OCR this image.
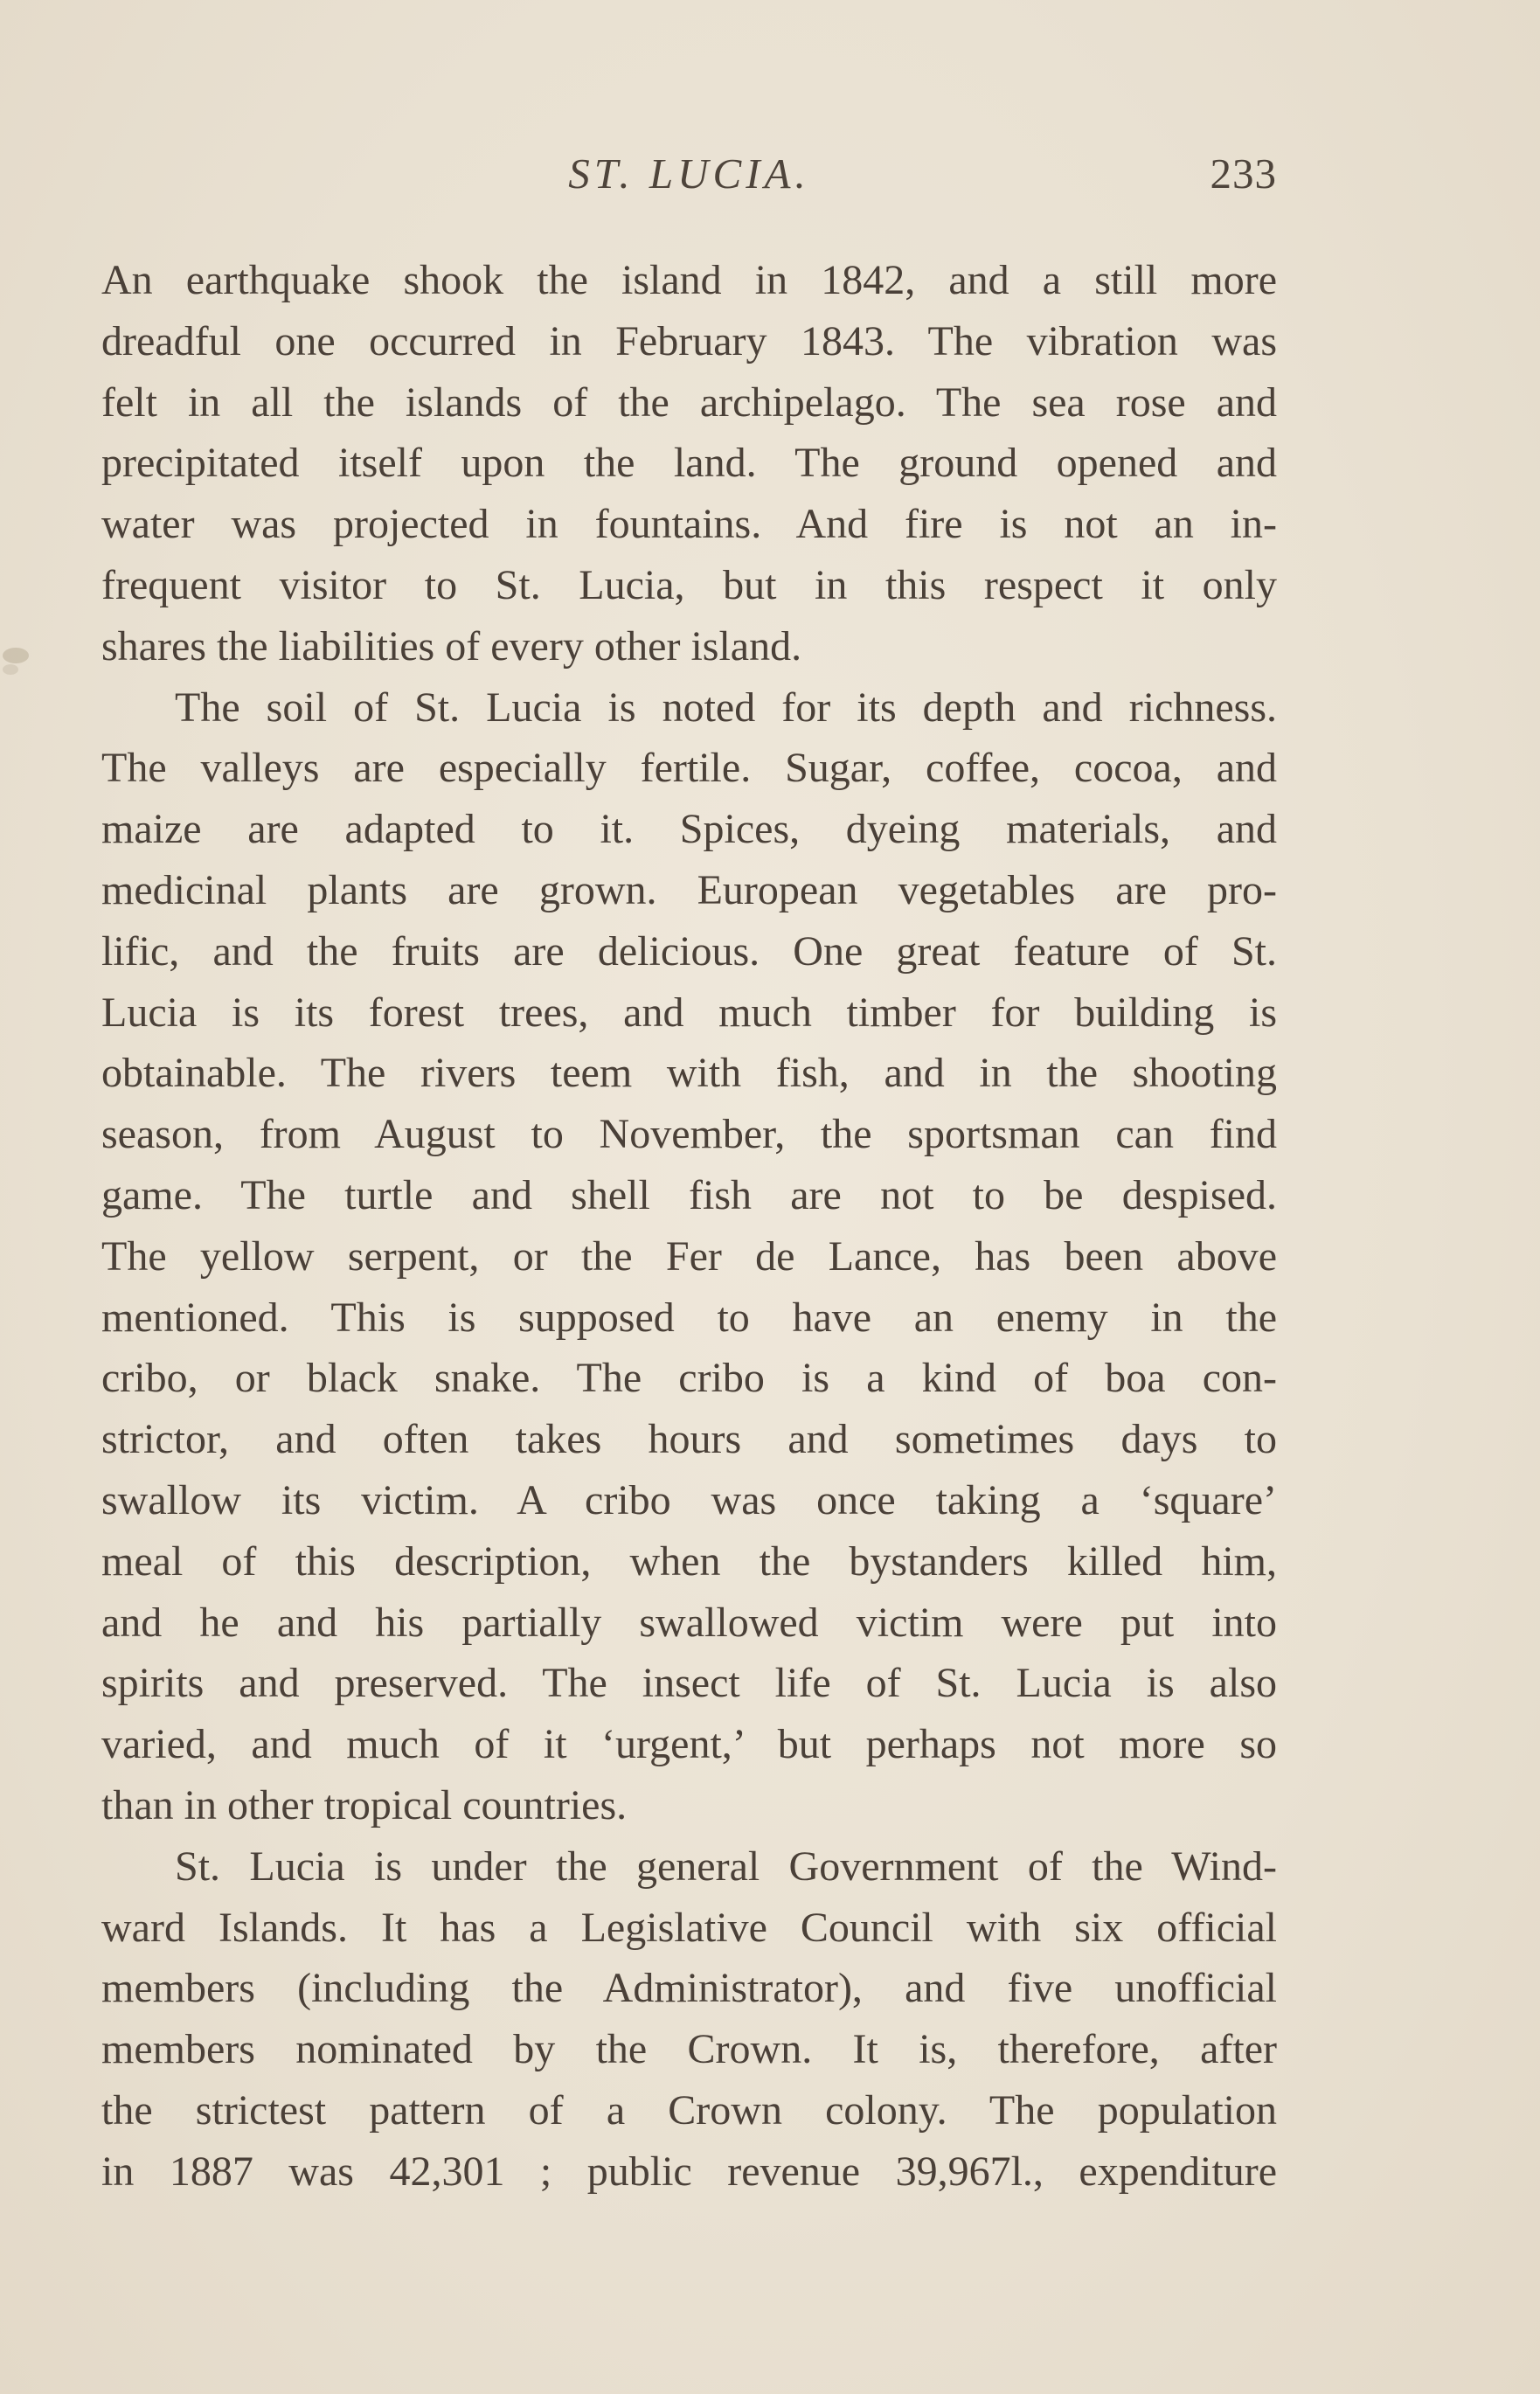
ST. LUCIA.	233
An earthquake shook the island in 1842, and a still more
dreadful one occurred in February 1843. The vibration was
felt in all the islands of the archipelago. The sea rose and
precipitated itself upon the land. The ground opened and
water was projected in fountains. And fire is not an in-
frequent visitor to St. Lucia, but in this respect it only
shares the liabilities of every other island.
The soil of St. Lucia is noted for its depth and richness.
The valleys are especially fertile. Sugar, coffee, cocoa, and
maize are adapted to it. Spices, dyeing materials, and
medicinal plants are grown. European vegetables are pro-
lific, and the fruits are delicious. One great feature of St.
Lucia is its forest trees, and much timber for building is
obtainable. The rivers teem with fish, and in the shooting
season, from August to November, the sportsman can find
game. The turtle and shell fish are not to be despised.
The yellow serpent, or the Fer de Lance, has been above
mentioned. This is supposed to have an enemy in the
cribo, or black snake. The cribo is a kind of boa con-
strictor, and often takes hours and sometimes days to
swallow its victim. A cribo was once taking a ‘square’
meal of this description, when the bystanders killed him,
and he and his partially swallowed victim were put into
spirits and preserved. The insect life of St. Lucia is also
varied, and much of it ‘urgent,’ but perhaps not more so
than in other tropical countries.
St. Lucia is under the general Government of the Wind-
ward Islands. It has a Legislative Council with six official
members (including the Administrator), and five unofficial
members nominated by the Crown. It is, therefore, after
the strictest pattern of a Crown colony. The population
in 1887 was 42,301 ; public revenue 39,967l., expenditure
